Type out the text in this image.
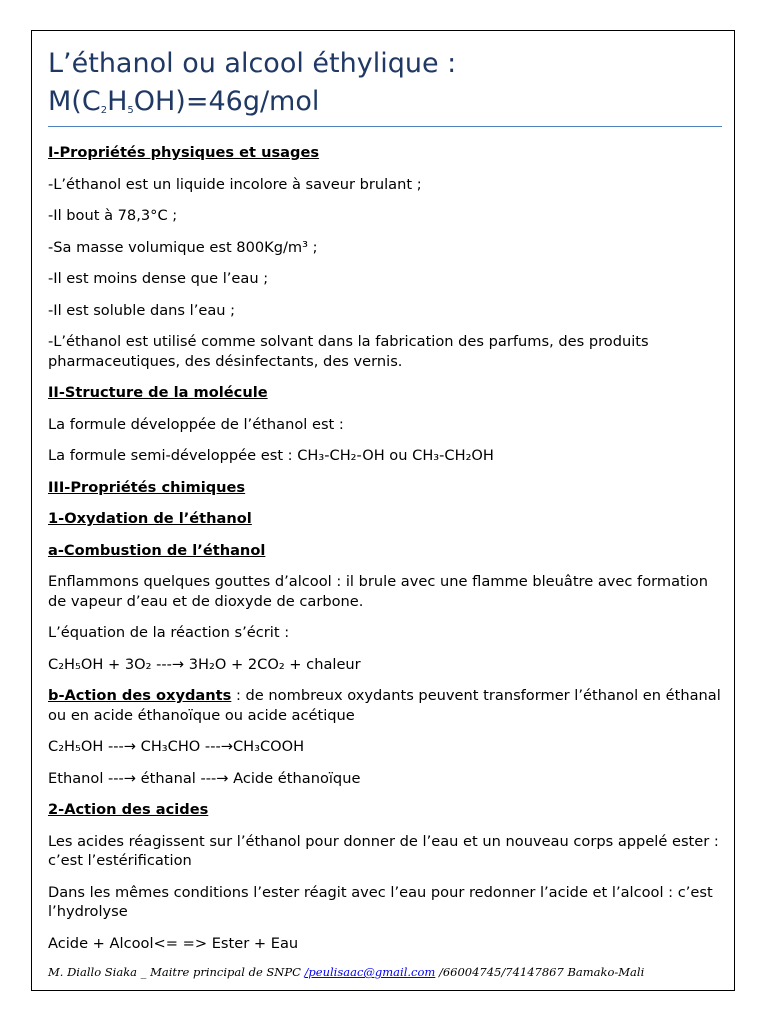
L’éthanol ou alcool éthylique :
$M(C_2H_5OH)=46g$/mol

I-Propriétés physiques et usages

-L’éthanol est un liquide incolore à saveur brulant ;

-Il bout à 78,3°C ;

-Sa masse volumique est 800Kg/m³ ;

-Il est moins dense que l’eau ;

-Il est soluble dans l’eau ;

-L’éthanol est utilisé comme solvant dans la fabrication des parfums, des produits pharmaceutiques, des désinfectants, des vernis.

II-Structure de la molécule

La formule développée de l’éthanol est :

La formule semi-développée est : CH₃-CH₂-OH ou CH₃-CH₂OH

III-Propriétés chimiques

1-Oxydation de l’éthanol

a-Combustion de l’éthanol

Enflammons quelques gouttes d’alcool : il brule avec une flamme bleuâtre avec formation de vapeur d’eau et de dioxyde de carbone.

L’équation de la réaction s’écrit :

C₂H₅OH + 3O₂ ---→ 3H₂O + 2CO₂ + chaleur

b-Action des oxydants : de nombreux oxydants peuvent transformer l’éthanol en éthanal ou en acide éthanoïque ou acide acétique

C₂H₅OH ---→ CH₃CHO ---→CH₃COOH

Ethanol ---→ éthanal ---→ Acide éthanoïque

2-Action des acides

Les acides réagissent sur l’éthanol pour donner de l’eau et un nouveau corps appelé ester : c’est l’estérification

Dans les mêmes conditions l’ester réagit avec l’eau pour redonner l’acide et l’alcool : c’est l’hydrolyse

Acide + Alcool<= => Ester + Eau

M. Diallo Siaka _ Maitre principal de SNPC /peulisaac@gmail.com /66004745/74147867 Bamako-Mali
